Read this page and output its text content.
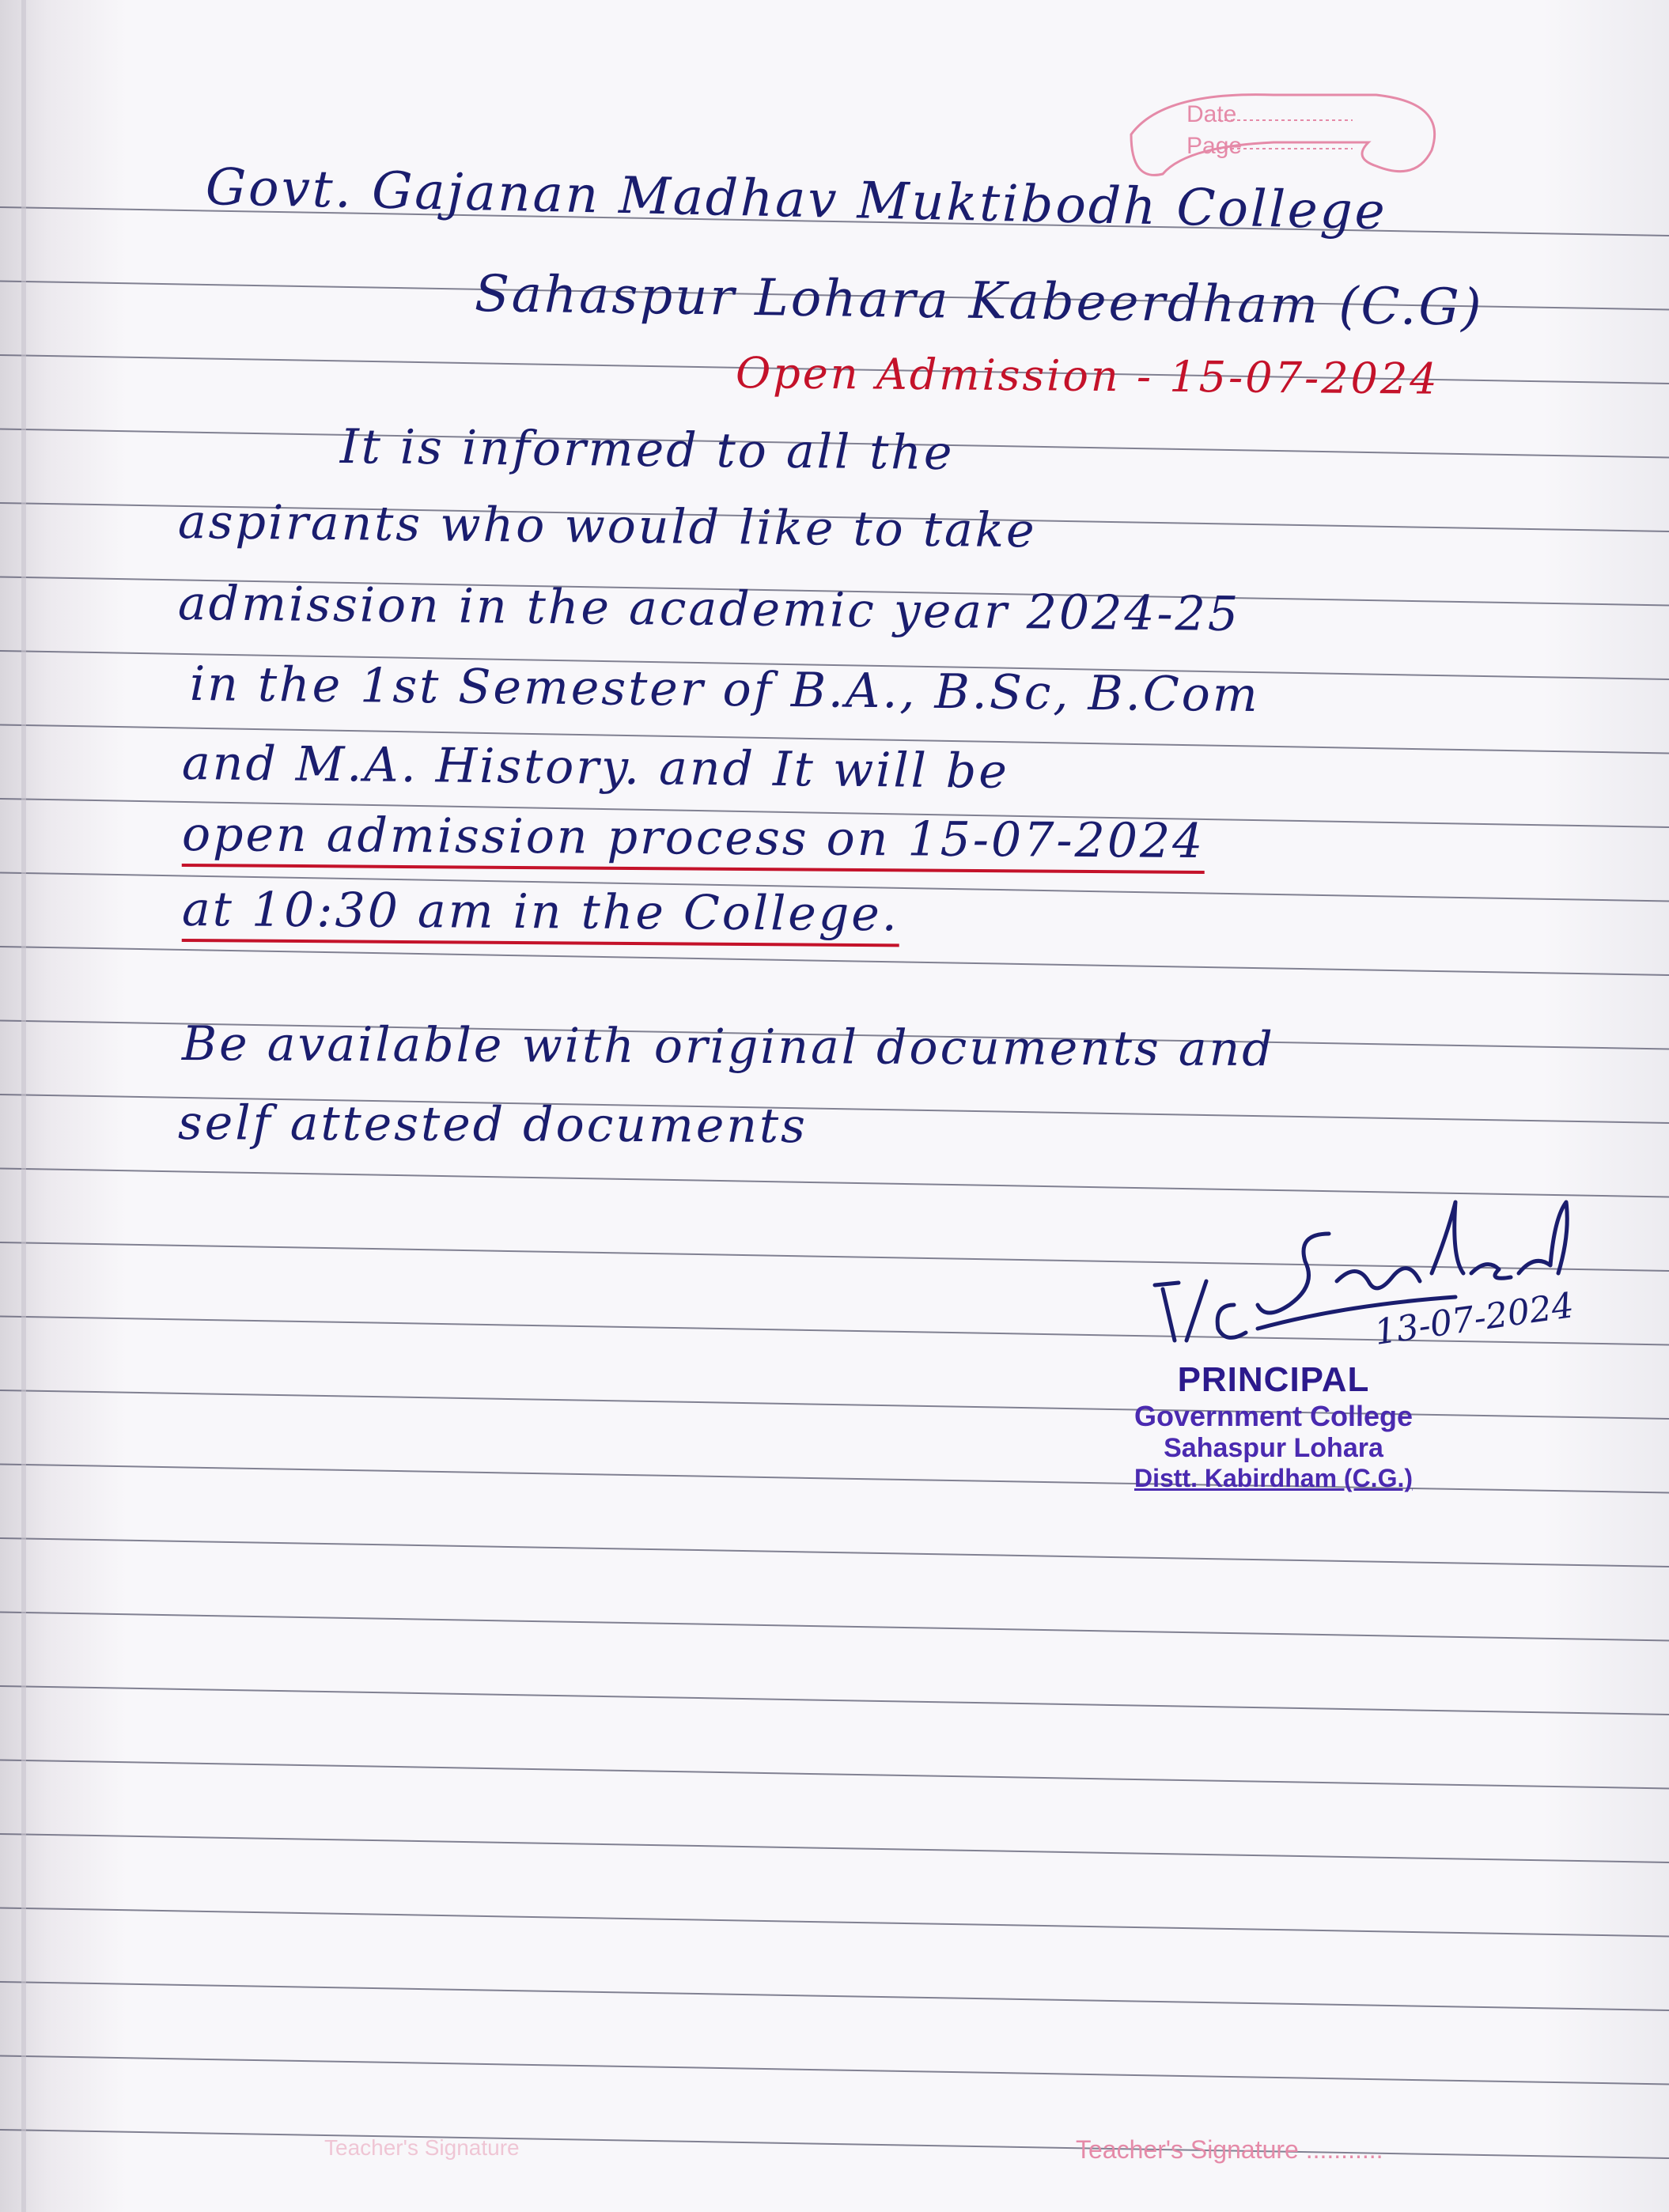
Date
Page
Govt. Gajanan Madhav Muktibodh College
Sahaspur Lohara Kabeerdham (C.G)
Open Admission - 15-07-2024
It is informed to all the
aspirants who would like to take
admission in the academic year 2024-25
in the 1st Semester of B.A., B.Sc, B.Com
and M.A. History. and It will be
open admission process on 15-07-2024
at 10:30 am in the College.
Be available with original documents and
self attested documents
13-07-2024
PRINCIPAL
Government College
Sahaspur Lohara
Distt. Kabirdham (C.G.)
Teacher's Signature	Teacher's Signature ...........
